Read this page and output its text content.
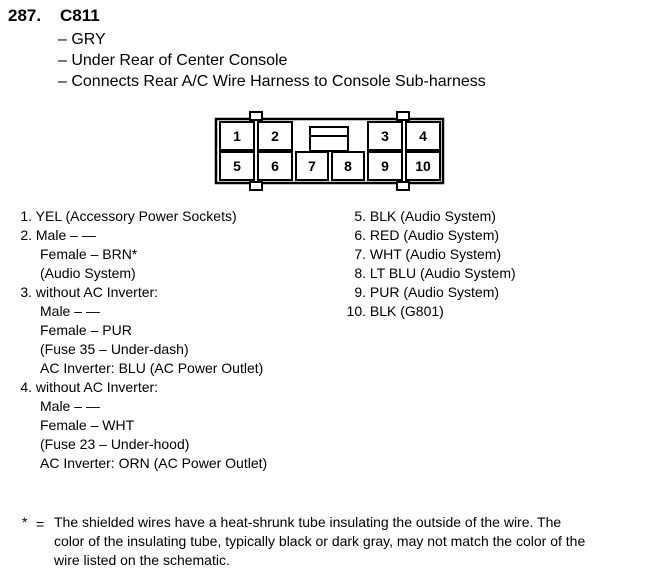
287. C811
– GRY
– Under Rear of Center Console
– Connects Rear A/C Wire Harness to Console Sub-harness
1 2	3 4
5 6 7 8 9 10
1. YEL (Accessory Power Sockets)
2. Male – —
Female – BRN*
(Audio System)
3. without AC Inverter:
Male – —
Female – PUR
(Fuse 35 – Under-dash)
AC Inverter: BLU (AC Power Outlet)
4. without AC Inverter:
Male – —
Female – WHT
(Fuse 23 – Under-hood)
AC Inverter: ORN (AC Power Outlet)
5. BLK (Audio System)
6. RED (Audio System)
7. WHT (Audio System)
8. LT BLU (Audio System)
9. PUR (Audio System)
10. BLK (G801)
* = The shielded wires have a heat-shrunk tube insulating the outside of the wire. The
color of the insulating tube, typically black or dark gray, may not match the color of the
wire listed on the schematic.
